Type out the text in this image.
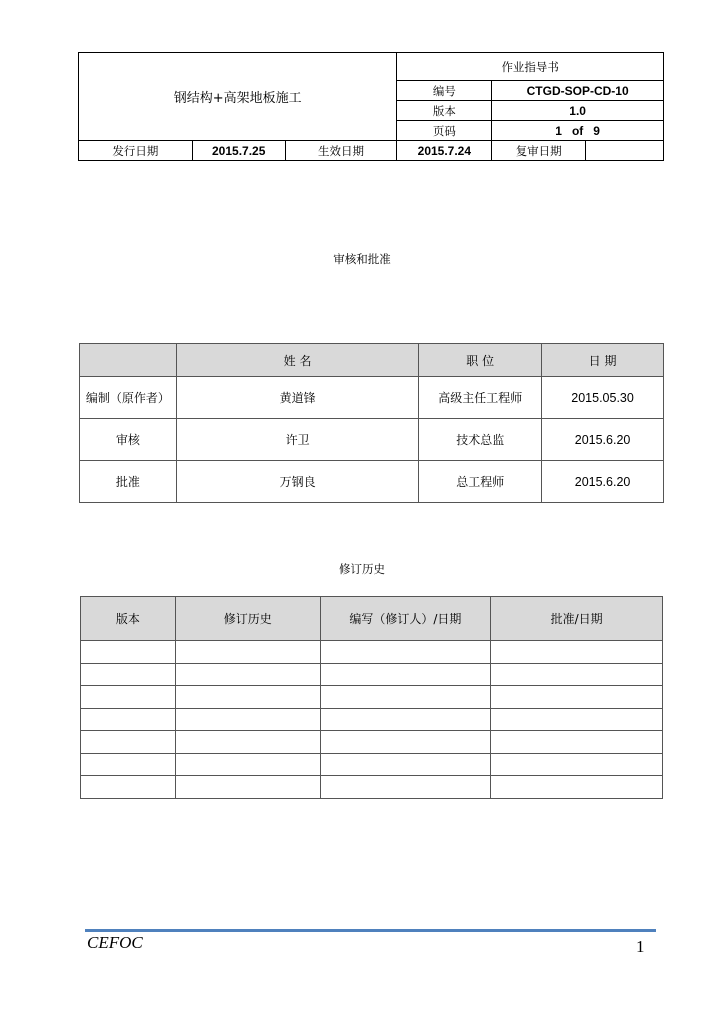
钢结构+高架地板施工			作业指导书		
			编号	CTGD-SOP-CD-10	
			版本	1.0	
			页码	1   of   9	
发行日期	2015.7.25	生效日期	2015.7.24	复审日期	
审核和批准
	姓 名	职 位	日 期
编制（原作者）	黄道锋	高级主任工程师	2015.05.30
审核	许卫	技术总监	2015.6.20
批准	万钢良	总工程师	2015.6.20
修订历史
版本	修订历史	编写（修订人）/日期	批准/日期

CEFOC	1
